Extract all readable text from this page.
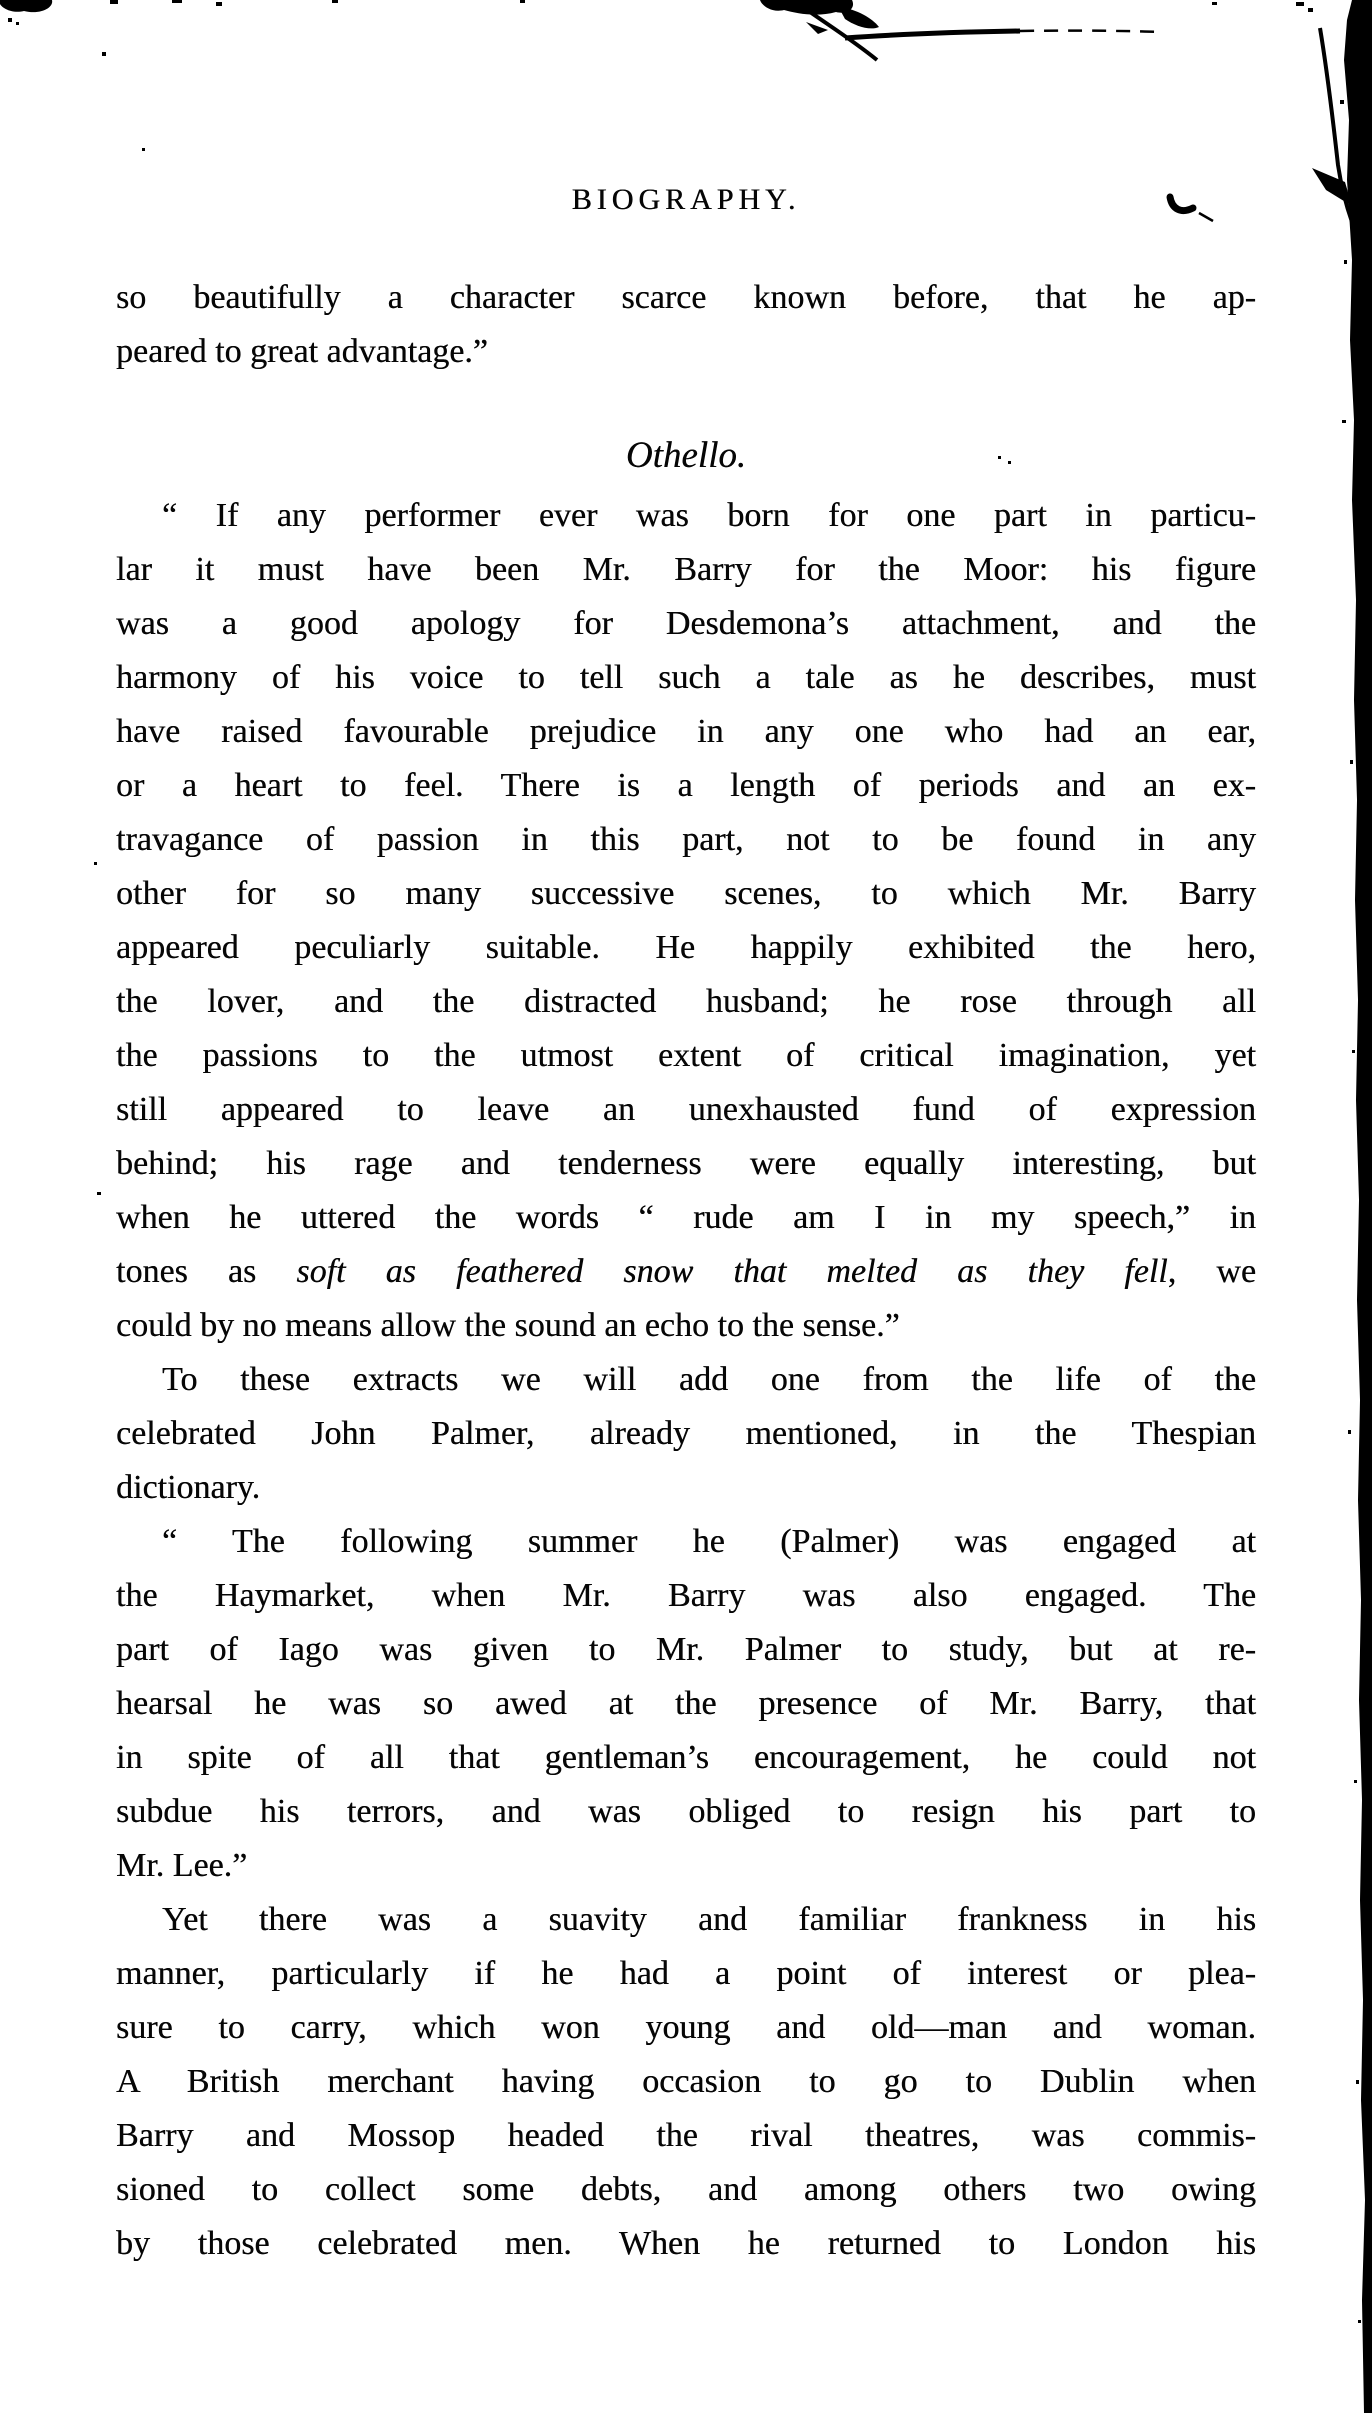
BIOGRAPHY.
so beautifully a character scarce known before, that he ap-
peared to great advantage.”
Othello.
“ If any performer ever was born for one part in particu-
lar it must have been Mr. Barry for the Moor: his figure
was a good apology for Desdemona’s attachment, and the
harmony of his voice to tell such a tale as he describes, must
have raised favourable prejudice in any one who had an ear,
or a heart to feel. There is a length of periods and an ex-
travagance of passion in this part, not to be found in any
other for so many successive scenes, to which Mr. Barry
appeared peculiarly suitable. He happily exhibited the hero,
the lover, and the distracted husband; he rose through all
the passions to the utmost extent of critical imagination, yet
still appeared to leave an unexhausted fund of expression
behind; his rage and tenderness were equally interesting, but
when he uttered the words “ rude am I in my speech,” in
tones as soft as feathered snow that melted as they fell, we
could by no means allow the sound an echo to the sense.”
To these extracts we will add one from the life of the
celebrated John Palmer, already mentioned, in the Thespian
dictionary.
“ The following summer he (Palmer) was engaged at
the Haymarket, when Mr. Barry was also engaged. The
part of Iago was given to Mr. Palmer to study, but at re-
hearsal he was so awed at the presence of Mr. Barry, that
in spite of all that gentleman’s encouragement, he could not
subdue his terrors, and was obliged to resign his part to
Mr. Lee.”
Yet there was a suavity and familiar frankness in his
manner, particularly if he had a point of interest or plea-
sure to carry, which won young and old—man and woman.
A British merchant having occasion to go to Dublin when
Barry and Mossop headed the rival theatres, was commis-
sioned to collect some debts, and among others two owing
by those celebrated men. When he returned to London his
